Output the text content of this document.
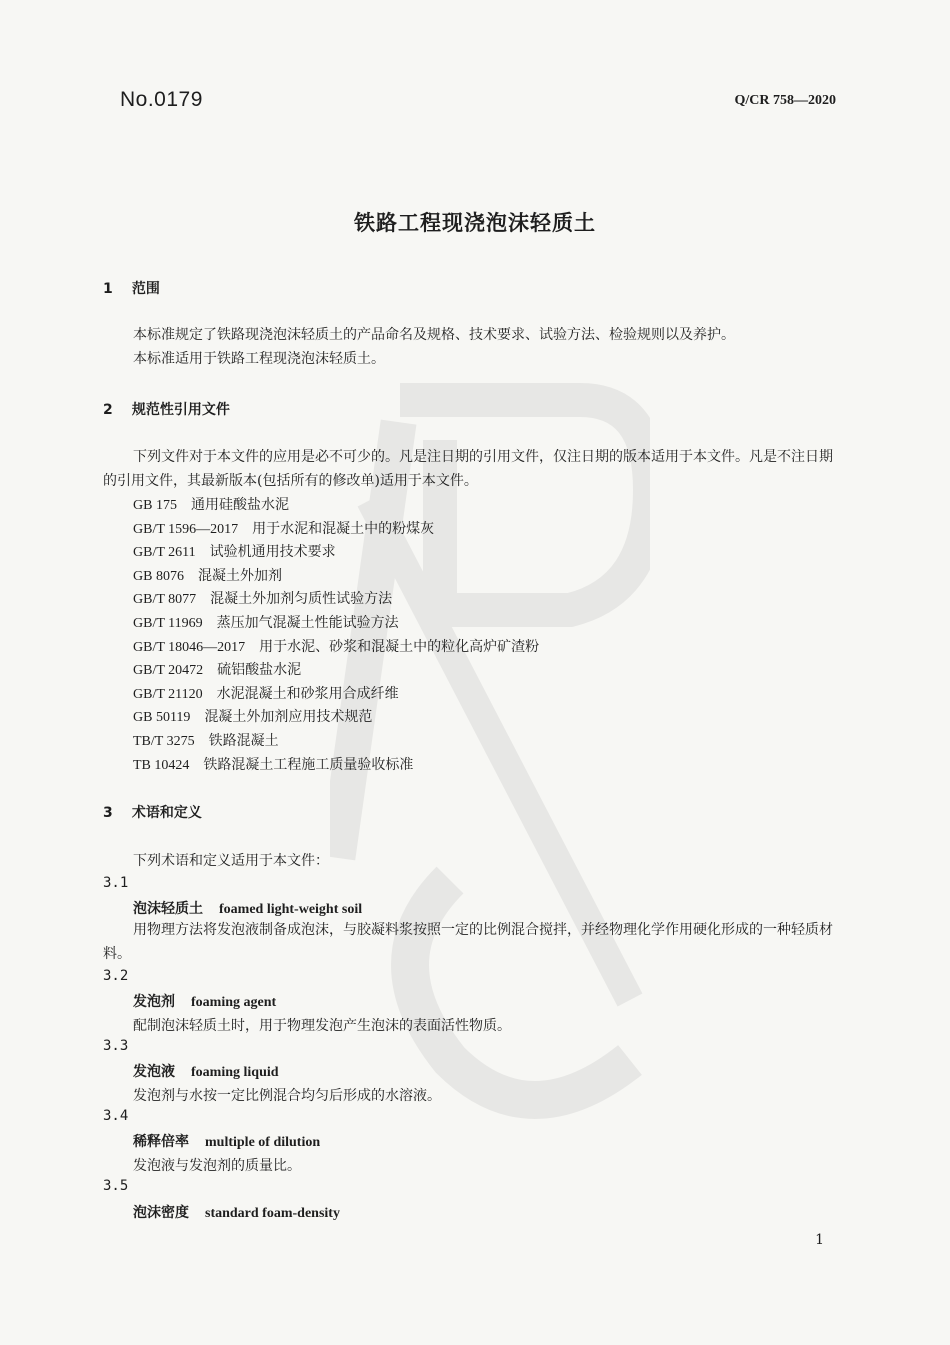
No.0179	Q/CR 758—2020
铁路工程现浇泡沫轻质土
1 范围
本标准规定了铁路现浇泡沫轻质土的产品命名及规格、技术要求、试验方法、检验规则以及养护。
本标准适用于铁路工程现浇泡沫轻质土。
2 规范性引用文件
下列文件对于本文件的应用是必不可少的。凡是注日期的引用文件，仅注日期的版本适用于本文件。凡是不注日期的引用文件，其最新版本(包括所有的修改单)适用于本文件。
GB 175 通用硅酸盐水泥
GB/T 1596—2017 用于水泥和混凝土中的粉煤灰
GB/T 2611 试验机通用技术要求
GB 8076 混凝土外加剂
GB/T 8077 混凝土外加剂匀质性试验方法
GB/T 11969 蒸压加气混凝土性能试验方法
GB/T 18046—2017 用于水泥、砂浆和混凝土中的粒化高炉矿渣粉
GB/T 20472 硫铝酸盐水泥
GB/T 21120 水泥混凝土和砂浆用合成纤维
GB 50119 混凝土外加剂应用技术规范
TB/T 3275 铁路混凝土
TB 10424 铁路混凝土工程施工质量验收标准
3 术语和定义
下列术语和定义适用于本文件：
3.1
泡沫轻质土 foamed light-weight soil
用物理方法将发泡液制备成泡沫，与胶凝料浆按照一定的比例混合搅拌，并经物理化学作用硬化形成的一种轻质材料。
3.2
发泡剂 foaming agent
配制泡沫轻质土时，用于物理发泡产生泡沫的表面活性物质。
3.3
发泡液 foaming liquid
发泡剂与水按一定比例混合均匀后形成的水溶液。
3.4
稀释倍率 multiple of dilution
发泡液与发泡剂的质量比。
3.5
泡沫密度 standard foam-density
1
